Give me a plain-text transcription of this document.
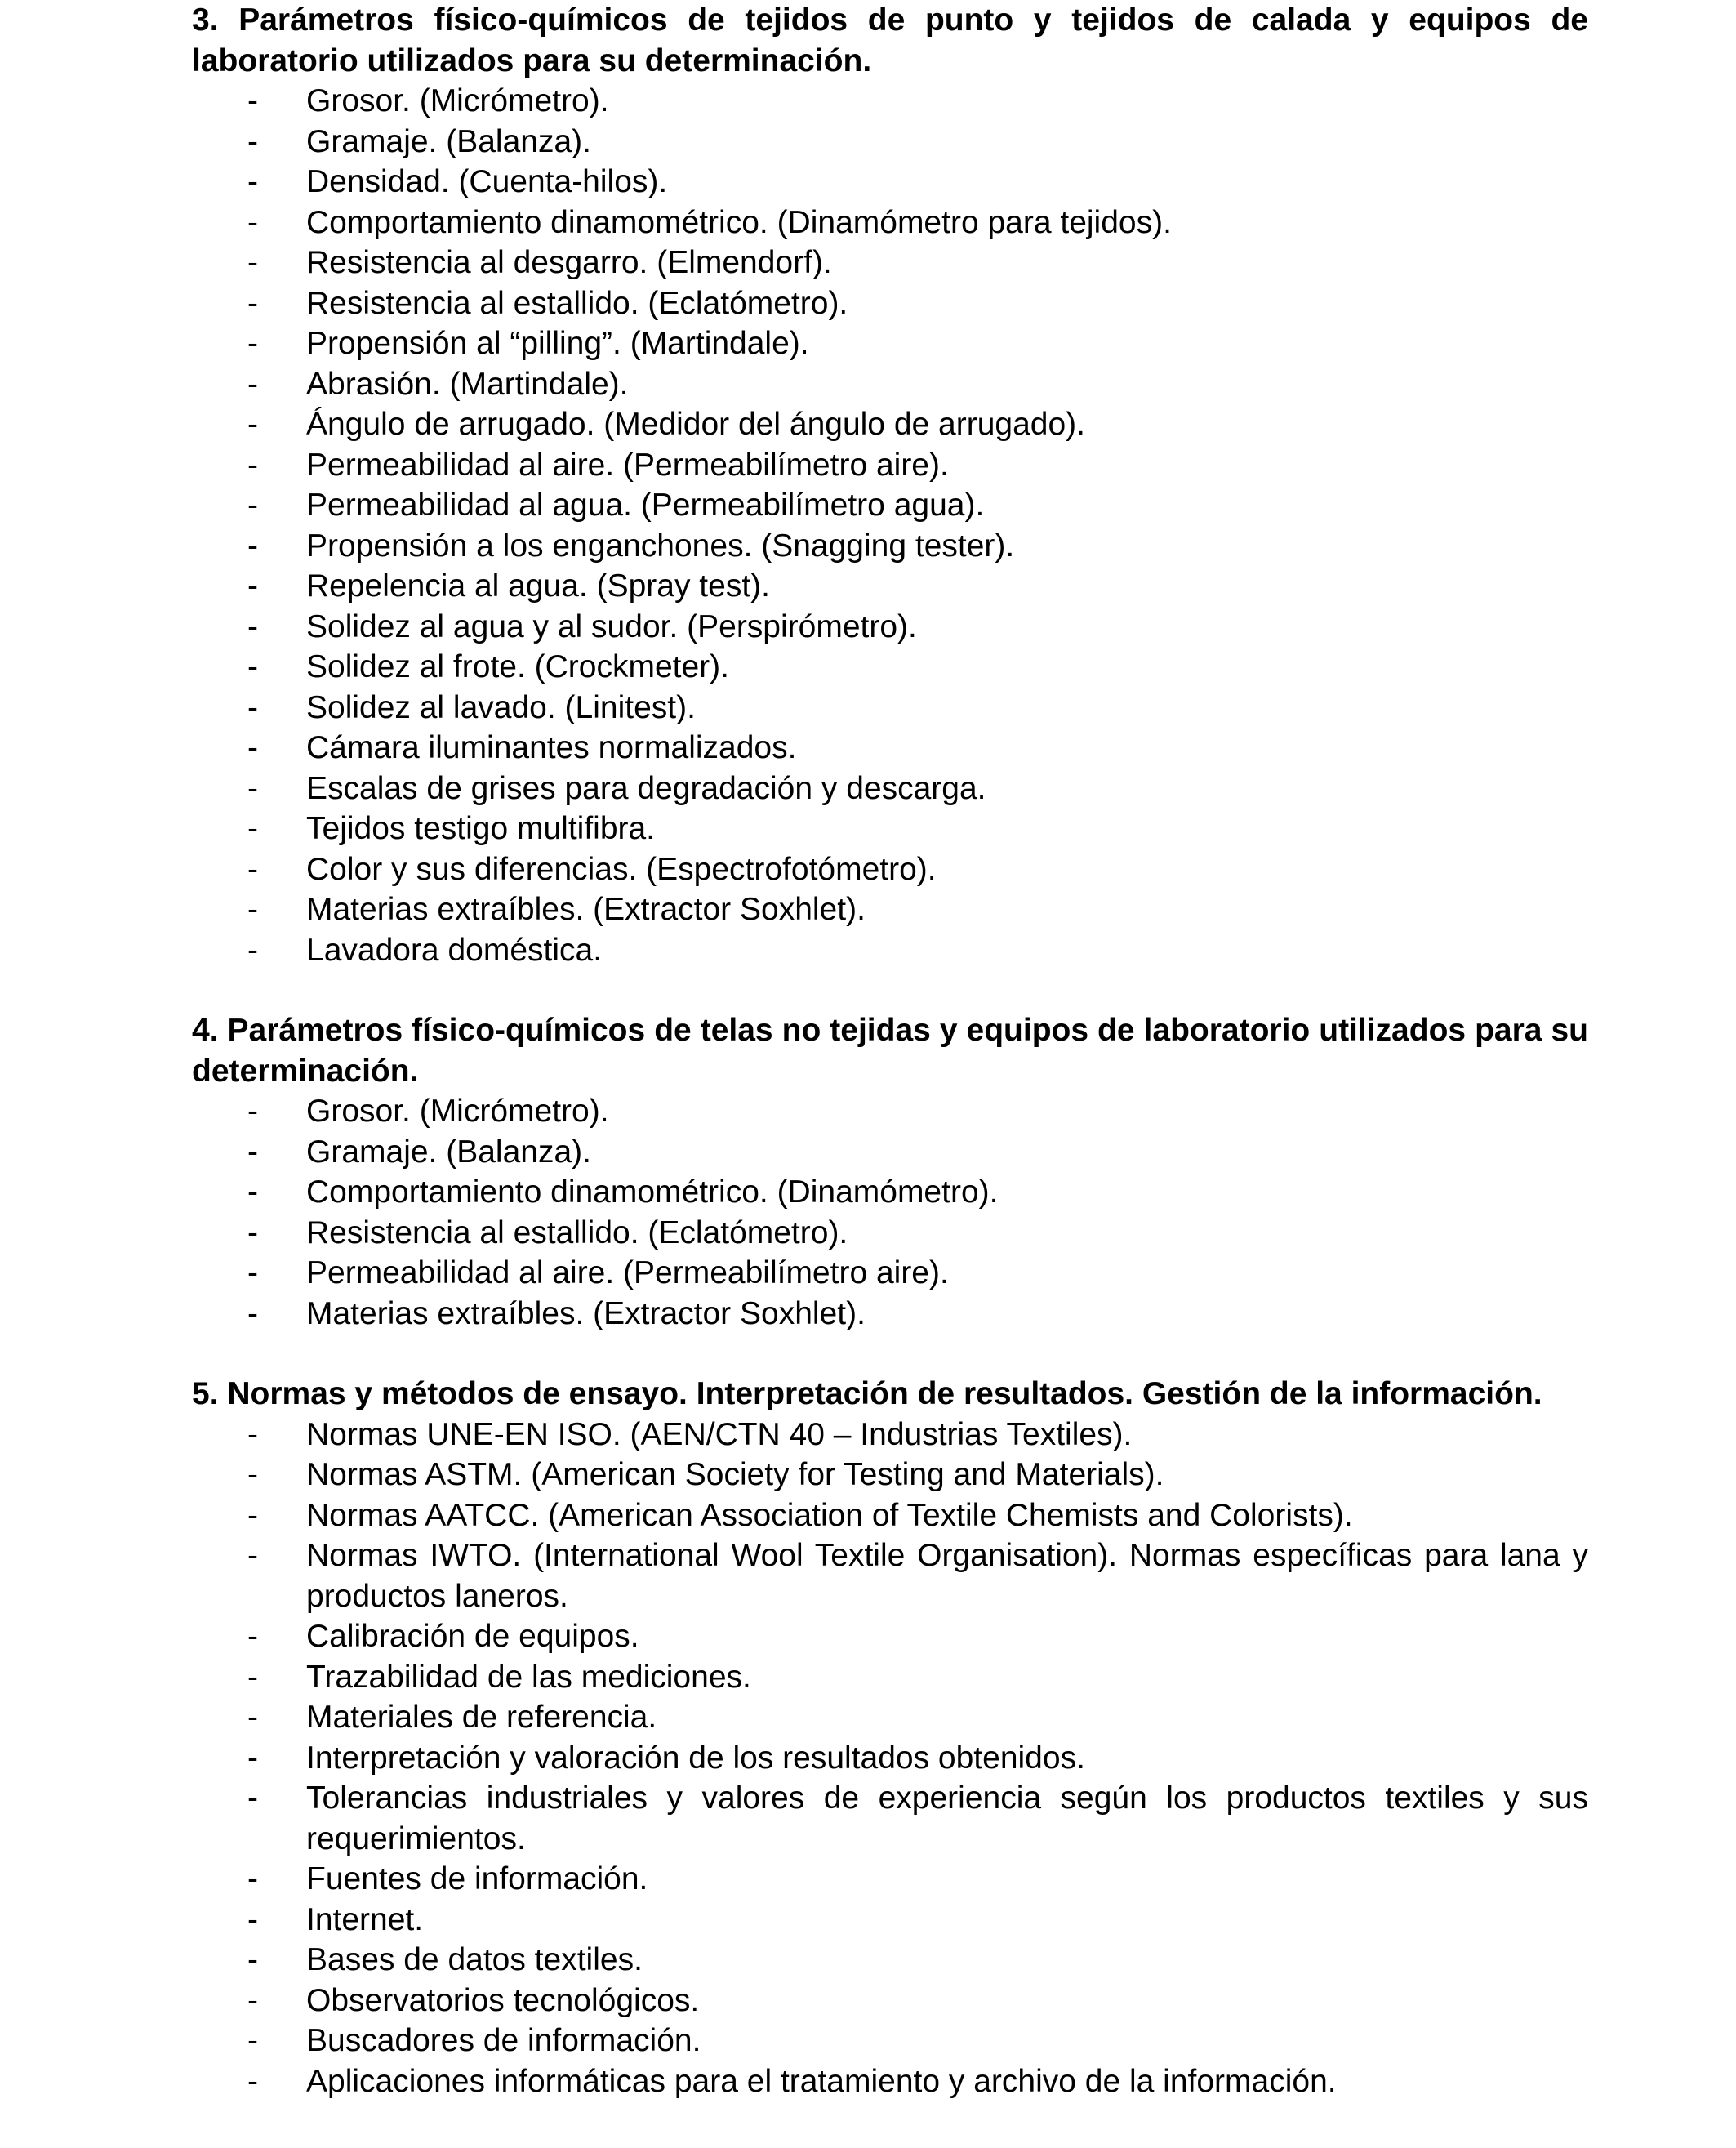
3. Parámetros físico-químicos de tejidos de punto y tejidos de calada y equipos de laboratorio utilizados para su determinación.

- Grosor. (Micrómetro).
- Gramaje. (Balanza).
- Densidad. (Cuenta-hilos).
- Comportamiento dinamométrico. (Dinamómetro para tejidos).
- Resistencia al desgarro. (Elmendorf).
- Resistencia al estallido. (Eclatómetro).
- Propensión al “pilling”. (Martindale).
- Abrasión. (Martindale).
- Ángulo de arrugado. (Medidor del ángulo de arrugado).
- Permeabilidad al aire. (Permeabilímetro aire).
- Permeabilidad al agua. (Permeabilímetro agua).
- Propensión a los enganchones. (Snagging tester).
- Repelencia al agua. (Spray test).
- Solidez al agua y al sudor. (Perspirómetro).
- Solidez al frote. (Crockmeter).
- Solidez al lavado. (Linitest).
- Cámara iluminantes normalizados.
- Escalas de grises para degradación y descarga.
- Tejidos testigo multifibra.
- Color y sus diferencias. (Espectrofotómetro).
- Materias extraíbles. (Extractor Soxhlet).
- Lavadora doméstica.

4. Parámetros físico-químicos de telas no tejidas y equipos de laboratorio utilizados para su determinación.

- Grosor. (Micrómetro).
- Gramaje. (Balanza).
- Comportamiento dinamométrico. (Dinamómetro).
- Resistencia al estallido. (Eclatómetro).
- Permeabilidad al aire. (Permeabilímetro aire).
- Materias extraíbles. (Extractor Soxhlet).

5. Normas y métodos de ensayo. Interpretación de resultados. Gestión de la información.

- Normas UNE-EN ISO. (AEN/CTN 40 – Industrias Textiles).
- Normas ASTM. (American Society for Testing and Materials).
- Normas AATCC. (American Association of Textile Chemists and Colorists).
- Normas IWTO. (International Wool Textile Organisation). Normas específicas para lana y productos laneros.
- Calibración de equipos.
- Trazabilidad de las mediciones.
- Materiales de referencia.
- Interpretación y valoración de los resultados obtenidos.
- Tolerancias industriales y valores de experiencia según los productos textiles y sus requerimientos.
- Fuentes de información.
- Internet.
- Bases de datos textiles.
- Observatorios tecnológicos.
- Buscadores de información.
- Aplicaciones informáticas para el tratamiento y archivo de la información.
